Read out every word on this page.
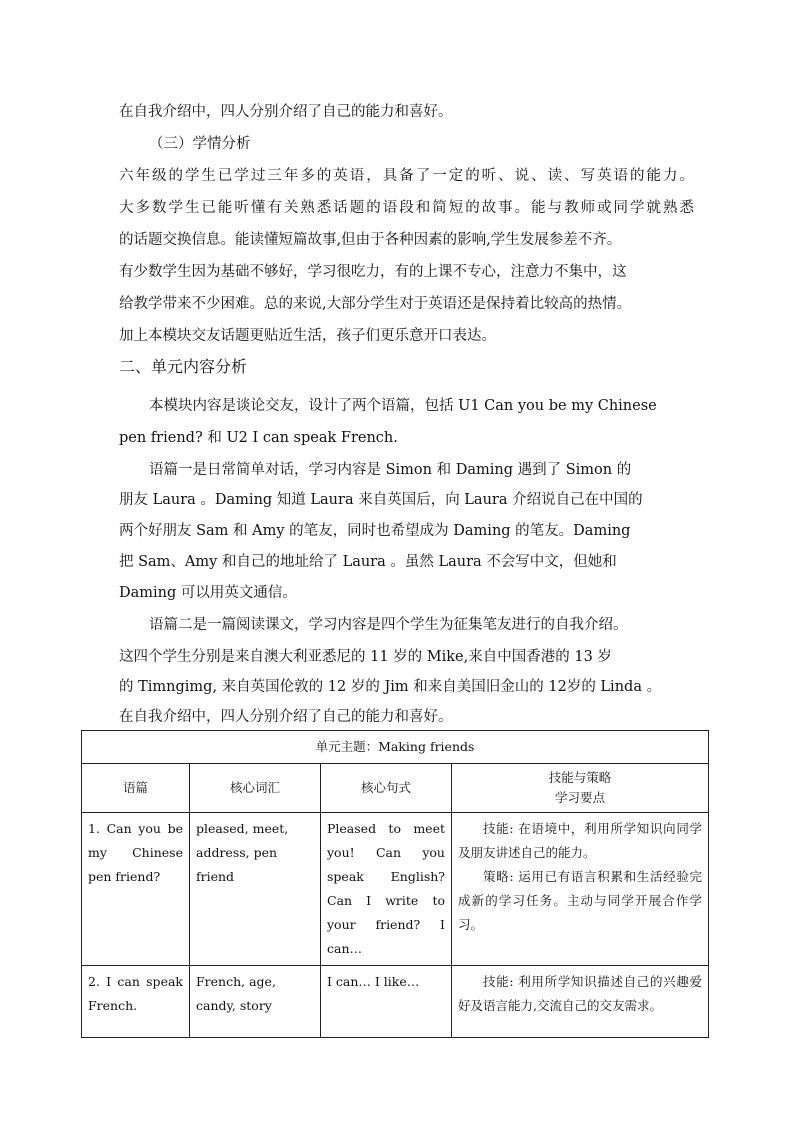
在自我介绍中，四人分别介绍了自己的能力和喜好。
（三）学情分析
六年级的学生已学过三年多的英语，具备了一定的听、说、读、写英语的能力。
大多数学生已能听懂有关熟悉话题的语段和简短的故事。能与教师或同学就熟悉
的话题交换信息。能读懂短篇故事,但由于各种因素的影响,学生发展参差不齐。
有少数学生因为基础不够好，学习很吃力，有的上课不专心，注意力不集中，这
给教学带来不少困难。总的来说,大部分学生对于英语还是保持着比较高的热情。
加上本模块交友话题更贴近生活，孩子们更乐意开口表达。
二、单元内容分析
本模块内容是谈论交友，设计了两个语篇，包括 U1 Can you be my Chinese
pen friend? 和 U2 I can speak French.
语篇一是日常简单对话，学习内容是 Simon 和 Daming 遇到了 Simon 的
朋友 Laura 。Daming 知道 Laura 来自英国后，向 Laura 介绍说自己在中国的
两个好朋友 Sam 和 Amy 的笔友，同时也希望成为 Daming 的笔友。Daming
把 Sam、Amy 和自己的地址给了 Laura 。虽然 Laura 不会写中文，但她和
Daming 可以用英文通信。
语篇二是一篇阅读课文，学习内容是四个学生为征集笔友进行的自我介绍。
这四个学生分别是来自澳大利亚悉尼的 11 岁的 Mike,来自中国香港的 13 岁
的 Timngimg, 来自英国伦敦的 12 岁的 Jim 和来自美国旧金山的 12岁的 Linda 。
在自我介绍中，四人分别介绍了自己的能力和喜好。
单元主题：Making friends			
语篇	核心词汇	核心句式	技能与策略
学习要点

1. Can you be my Chinese pen friend?	pleased, meet, address, pen friend	Pleased to meet you! Can you speak English? Can I write to your friend? I can…	技能: 在语境中，利用所学知识向同学及朋友讲述自己的能力。
策略: 运用已有语言积累和生活经验完成新的学习任务。主动与同学开展合作学习。

2. I can speak French.	French, age, candy, story	I can… I like…	技能: 利用所学知识描述自己的兴趣爱好及语言能力,交流自己的交友需求。
